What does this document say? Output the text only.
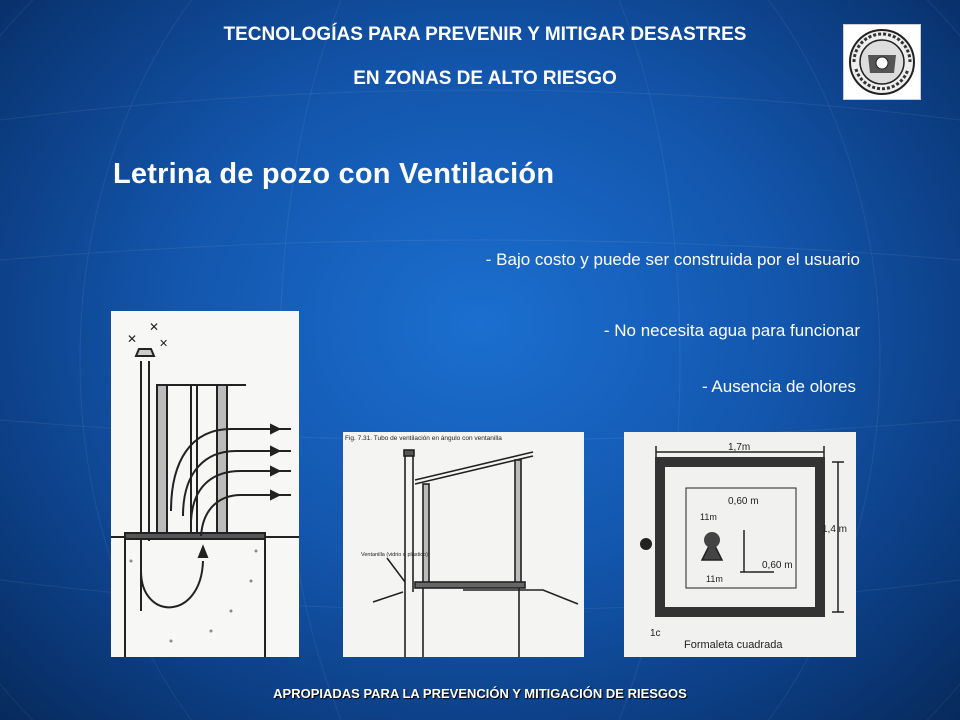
TECNOLOGÍAS PARA PREVENIR Y MITIGAR DESASTRES
EN ZONAS DE ALTO RIESGO
Letrina de pozo con Ventilación
- Bajo costo y puede ser construida por el usuario
- No necesita agua para funcionar
- Ausencia de olores
✕
✕
✕
Fig. 7.31. Tubo de ventilación en ángulo con ventanilla
Ventanilla (vidrio o plástico)
1,7m
0,60 m
1,4 m
11m
11m
0,60 m
1c
Formaleta cuadrada
APROPIADAS PARA LA PREVENCIÓN Y MITIGACIÓN DE RIESGOS
